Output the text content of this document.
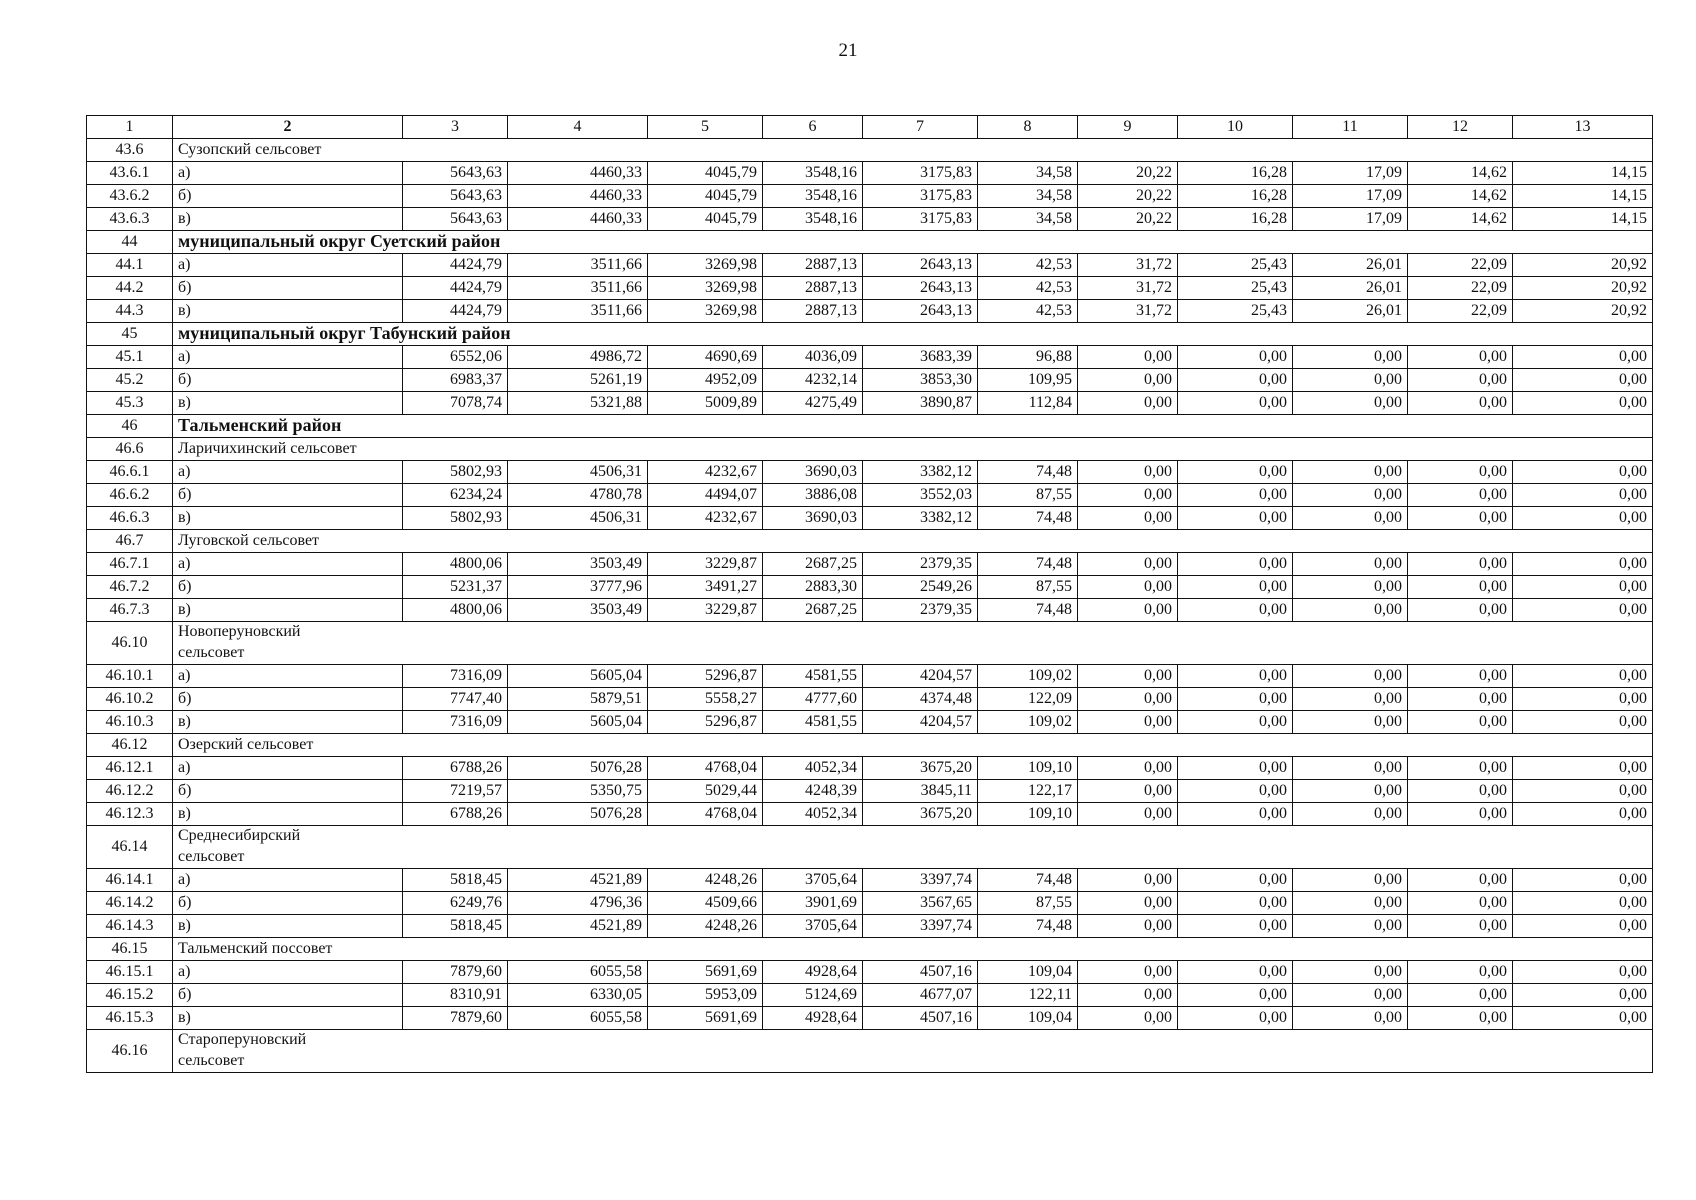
21
1	2	3	4	5	6	7	8	9	10	11	12	13
43.6	Сузопский сельсовет											
43.6.1	а)	5643,63	4460,33	4045,79	3548,16	3175,83	34,58	20,22	16,28	17,09	14,62	14,15
43.6.2	б)	5643,63	4460,33	4045,79	3548,16	3175,83	34,58	20,22	16,28	17,09	14,62	14,15
43.6.3	в)	5643,63	4460,33	4045,79	3548,16	3175,83	34,58	20,22	16,28	17,09	14,62	14,15
44	муниципальный округ Суетский район											
44.1	а)	4424,79	3511,66	3269,98	2887,13	2643,13	42,53	31,72	25,43	26,01	22,09	20,92
44.2	б)	4424,79	3511,66	3269,98	2887,13	2643,13	42,53	31,72	25,43	26,01	22,09	20,92
44.3	в)	4424,79	3511,66	3269,98	2887,13	2643,13	42,53	31,72	25,43	26,01	22,09	20,92
45	муниципальный округ Табунский район											
45.1	а)	6552,06	4986,72	4690,69	4036,09	3683,39	96,88	0,00	0,00	0,00	0,00	0,00
45.2	б)	6983,37	5261,19	4952,09	4232,14	3853,30	109,95	0,00	0,00	0,00	0,00	0,00
45.3	в)	7078,74	5321,88	5009,89	4275,49	3890,87	112,84	0,00	0,00	0,00	0,00	0,00
46	Тальменский район											
46.6	Ларичихинский сельсовет											
46.6.1	а)	5802,93	4506,31	4232,67	3690,03	3382,12	74,48	0,00	0,00	0,00	0,00	0,00
46.6.2	б)	6234,24	4780,78	4494,07	3886,08	3552,03	87,55	0,00	0,00	0,00	0,00	0,00
46.6.3	в)	5802,93	4506,31	4232,67	3690,03	3382,12	74,48	0,00	0,00	0,00	0,00	0,00
46.7	Луговской сельсовет											
46.7.1	а)	4800,06	3503,49	3229,87	2687,25	2379,35	74,48	0,00	0,00	0,00	0,00	0,00
46.7.2	б)	5231,37	3777,96	3491,27	2883,30	2549,26	87,55	0,00	0,00	0,00	0,00	0,00
46.7.3	в)	4800,06	3503,49	3229,87	2687,25	2379,35	74,48	0,00	0,00	0,00	0,00	0,00
46.10	Новоперуновский сельсовет											

46.10.1	а)	7316,09	5605,04	5296,87	4581,55	4204,57	109,02	0,00	0,00	0,00	0,00	0,00
46.10.2	б)	7747,40	5879,51	5558,27	4777,60	4374,48	122,09	0,00	0,00	0,00	0,00	0,00
46.10.3	в)	7316,09	5605,04	5296,87	4581,55	4204,57	109,02	0,00	0,00	0,00	0,00	0,00
46.12	Озерский сельсовет											
46.12.1	а)	6788,26	5076,28	4768,04	4052,34	3675,20	109,10	0,00	0,00	0,00	0,00	0,00
46.12.2	б)	7219,57	5350,75	5029,44	4248,39	3845,11	122,17	0,00	0,00	0,00	0,00	0,00
46.12.3	в)	6788,26	5076,28	4768,04	4052,34	3675,20	109,10	0,00	0,00	0,00	0,00	0,00
46.14	Среднесибирский сельсовет											

46.14.1	а)	5818,45	4521,89	4248,26	3705,64	3397,74	74,48	0,00	0,00	0,00	0,00	0,00
46.14.2	б)	6249,76	4796,36	4509,66	3901,69	3567,65	87,55	0,00	0,00	0,00	0,00	0,00
46.14.3	в)	5818,45	4521,89	4248,26	3705,64	3397,74	74,48	0,00	0,00	0,00	0,00	0,00
46.15	Тальменский поссовет											
46.15.1	а)	7879,60	6055,58	5691,69	4928,64	4507,16	109,04	0,00	0,00	0,00	0,00	0,00
46.15.2	б)	8310,91	6330,05	5953,09	5124,69	4677,07	122,11	0,00	0,00	0,00	0,00	0,00
46.15.3	в)	7879,60	6055,58	5691,69	4928,64	4507,16	109,04	0,00	0,00	0,00	0,00	0,00
46.16	Староперуновский сельсовет											
